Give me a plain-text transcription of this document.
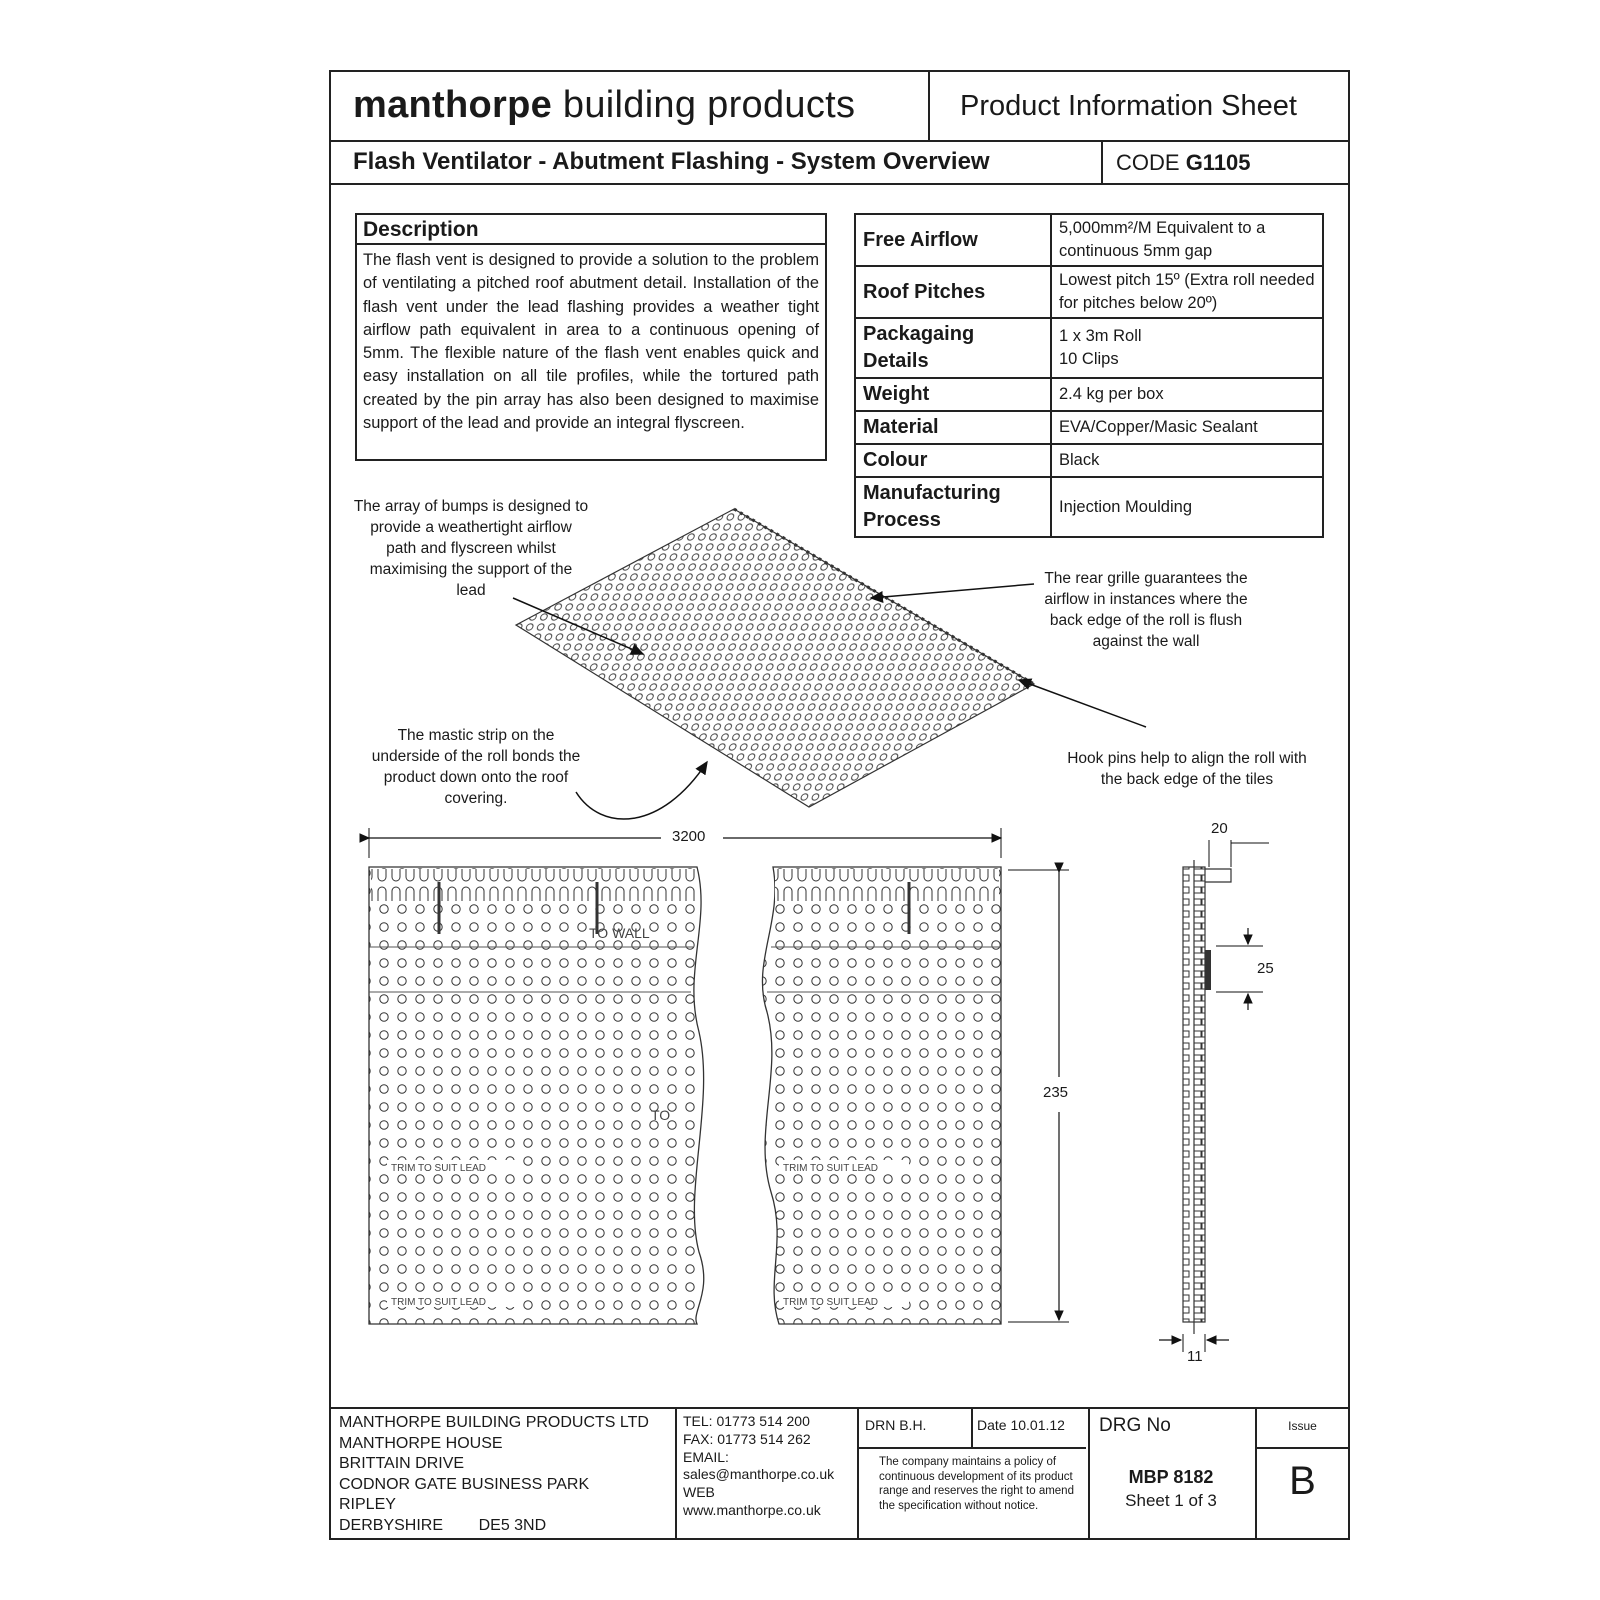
manthorpe building products	Product Information Sheet
Flash Ventilator - Abutment Flashing - System Overview	CODE G1105
Description
The flash vent is designed to provide a solution to the problem of ventilating a pitched roof abutment detail. Installation of the flash vent under the lead flashing provides a weather tight airflow path equivalent in area to a continuous opening of 5mm. The flexible nature of the flash vent enables quick and easy installation on all tile profiles, while the tortured path created by the pin array has also been designed to maximise support of the lead and provide an integral flyscreen.
Free Airflow	5,000mm²/M Equivalent to a continuous 5mm gap
Roof Pitches	Lowest pitch 15º (Extra roll needed for pitches below 20º)
Packagaing Details	1 x 3m Roll
10 Clips
Weight	2.4 kg per box
Material	EVA/Copper/Masic Sealant
Colour	Black
Manufacturing Process	Injection Moulding
The array of bumps is designed to provide a weathertight airflow path and flyscreen whilst maximising the support of the lead
The rear grille guarantees the airflow in instances where the back edge of the roll is flush against the wall
The mastic strip on the underside of the roll bonds the product down onto the roof covering.
Hook pins help to align the roll with the back edge of the tiles
TO WALL
TO
TRIM TO SUIT LEAD	TRIM TO SUIT LEAD
TRIM TO SUIT LEAD	TRIM TO SUIT LEAD
3200
235
20
25
11
MANTHORPE BUILDING PRODUCTS LTD
MANTHORPE HOUSE
BRITTAIN DRIVE
CODNOR GATE BUSINESS PARK
RIPLEY
DERBYSHIRE        DE5 3ND
TEL: 01773 514 200
FAX: 01773 514 262
EMAIL:
sales@manthorpe.co.uk
WEB
www.manthorpe.co.uk
DRN B.H.	Date 10.01.12
The company maintains a policy of continuous development of its product range and reserves the right to amend the specification without notice.
DRG No
MBP 8182
Sheet 1 of 3
Issue
B
